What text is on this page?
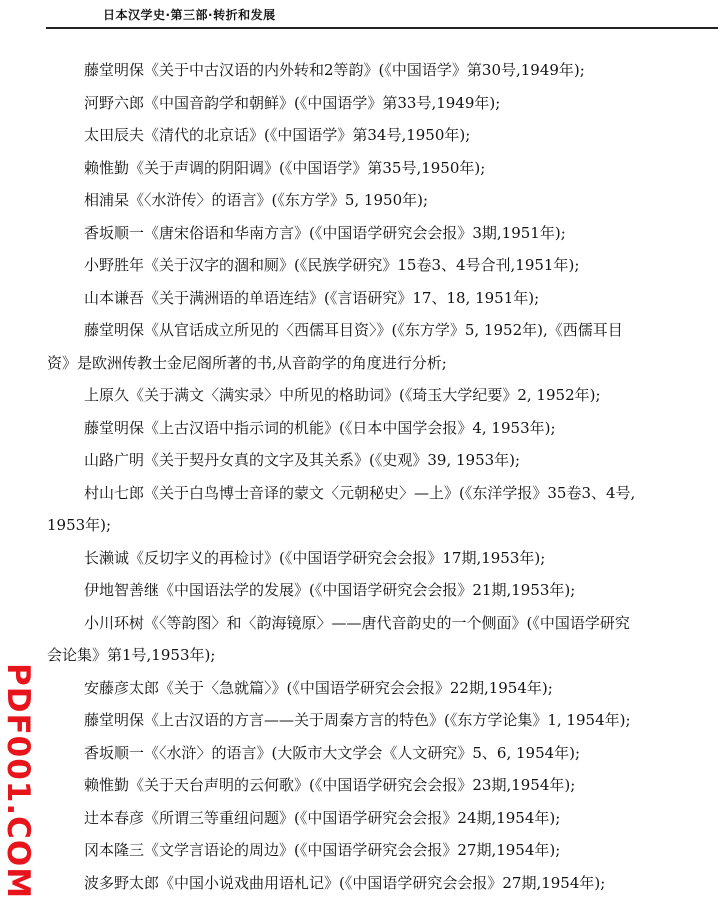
日本汉学史·第三部·转折和发展
藤堂明保《关于中古汉语的内外转和2等韵》(《中国语学》第30号,1949年);
河野六郎《中国音韵学和朝鲜》(《中国语学》第33号,1949年);
太田辰夫《清代的北京话》(《中国语学》第34号,1950年);
赖惟勤《关于声调的阴阳调》(《中国语学》第35号,1950年);
相浦杲《〈水浒传〉的语言》(《东方学》5, 1950年);
香坂顺一《唐宋俗语和华南方言》(《中国语学研究会会报》3期,1951年);
小野胜年《关于汉字的涸和厕》(《民族学研究》15卷3、4号合刊,1951年);
山本谦吾《关于满洲语的单语连结》(《言语研究》17、18, 1951年);
藤堂明保《从官话成立所见的〈西儒耳目资〉》(《东方学》5, 1952年),《西儒耳目
资》是欧洲传教士金尼阁所著的书,从音韵学的角度进行分析;
上原久《关于满文〈满实录〉中所见的格助词》(《琦玉大学纪要》2, 1952年);
藤堂明保《上古汉语中指示词的机能》(《日本中国学会报》4, 1953年);
山路广明《关于契丹女真的文字及其关系》(《史观》39, 1953年);
村山七郎《关于白鸟博士音译的蒙文〈元朝秘史〉—上》(《东洋学报》35卷3、4号,
1953年);
长濑诚《反切字义的再检讨》(《中国语学研究会会报》17期,1953年);
伊地智善继《中国语法学的发展》(《中国语学研究会会报》21期,1953年);
小川环树《〈等韵图〉和〈韵海镜原〉——唐代音韵史的一个侧面》(《中国语学研究
会论集》第1号,1953年);
安藤彦太郎《关于〈急就篇〉》(《中国语学研究会会报》22期,1954年);
藤堂明保《上古汉语的方言——关于周秦方言的特色》(《东方学论集》1, 1954年);
香坂顺一《〈水浒〉的语言》(大阪市大文学会《人文研究》5、6, 1954年);
赖惟勤《关于天台声明的云何歌》(《中国语学研究会会报》23期,1954年);
辻本春彦《所谓三等重纽问题》(《中国语学研究会会报》24期,1954年);
冈本隆三《文学言语论的周边》(《中国语学研究会会报》27期,1954年);
波多野太郎《中国小说戏曲用语札记》(《中国语学研究会会报》27期,1954年);
PDF001.COM
